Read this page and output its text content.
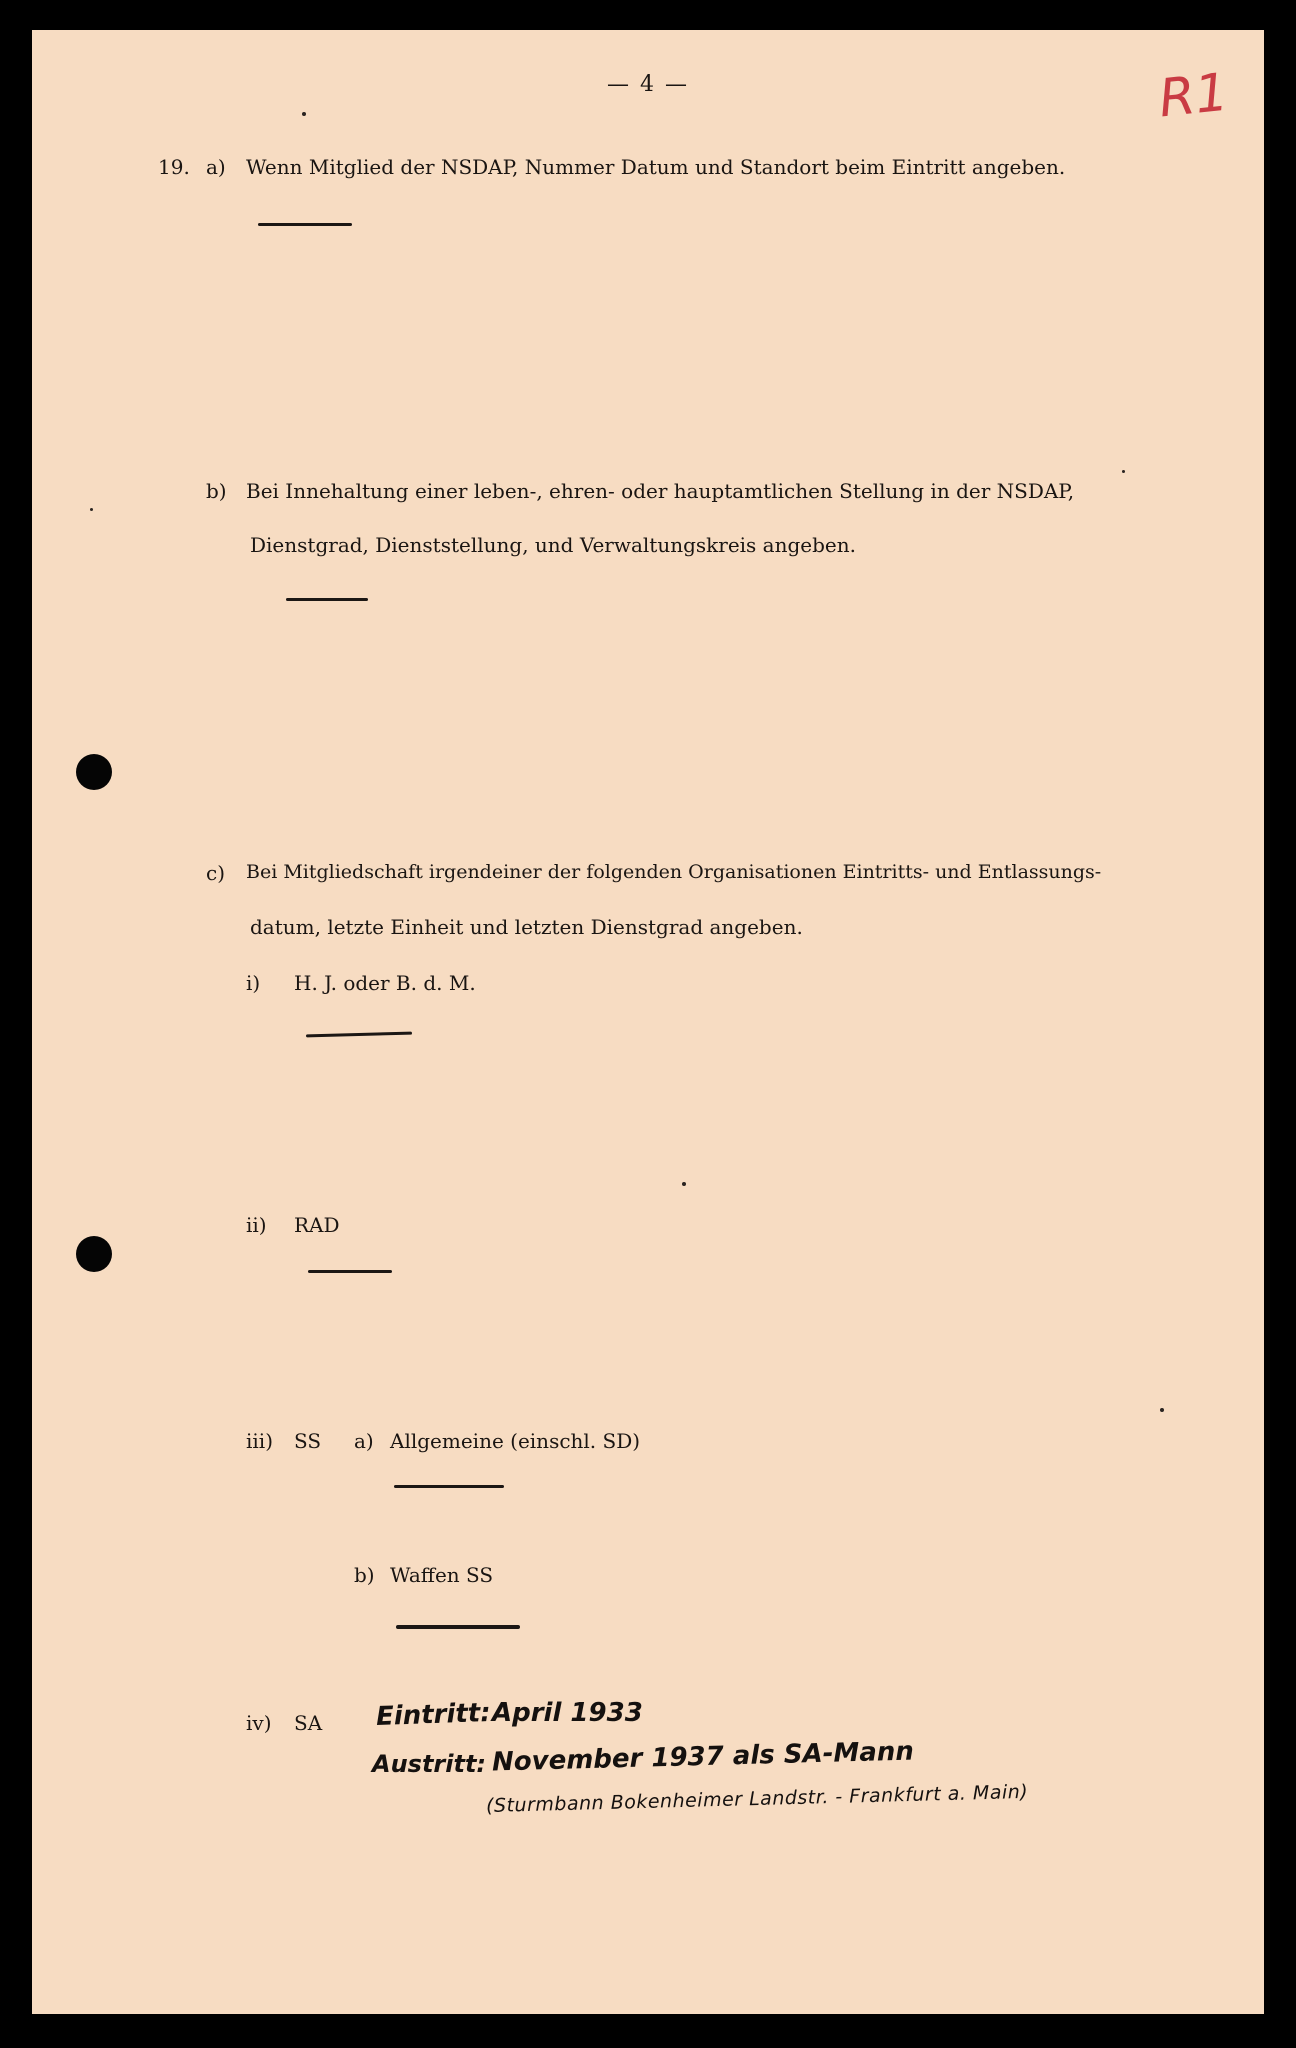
— 4 —	R1
19. a) Wenn Mitglied der NSDAP, Nummer Datum und Standort beim Eintritt angeben.
b) Bei Innehaltung einer leben-, ehren- oder hauptamtlichen Stellung in der NSDAP,
Dienstgrad, Dienststellung, und Verwaltungskreis angeben.
c) Bei Mitgliedschaft irgendeiner der folgenden Organisationen Eintritts- und Entlassungs-
datum, letzte Einheit und letzten Dienstgrad angeben.
i) H. J. oder B. d. M.
ii) RAD
iii) SS a) Allgemeine (einschl. SD)
b) Waffen SS
iv) SA Eintritt: April 1933
Austritt: November 1937 als SA-Mann
(Sturmbann Bokenheimer Landstr. - Frankfurt a. Main)
